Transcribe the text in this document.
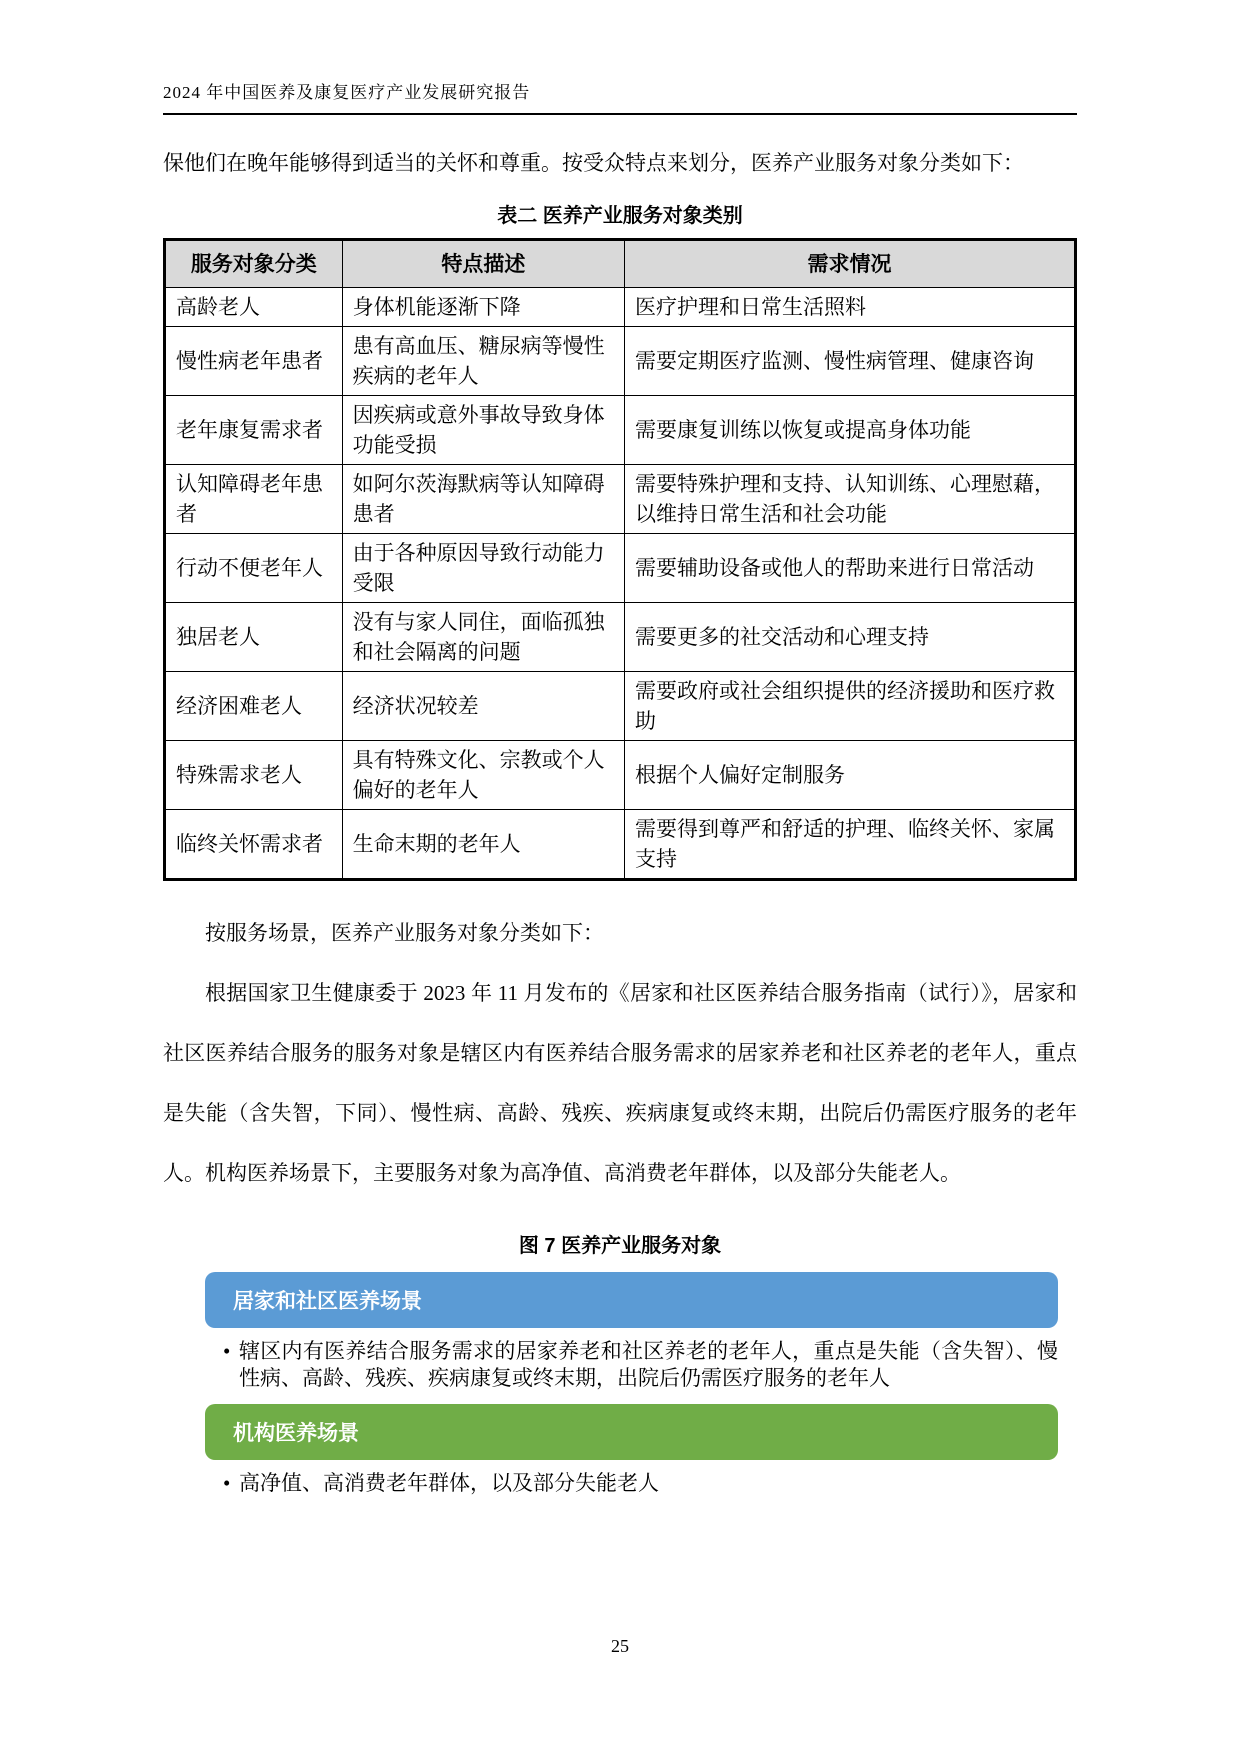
2024 年中国医养及康复医疗产业发展研究报告

保他们在晚年能够得到适当的关怀和尊重。按受众特点来划分，医养产业服务对象分类如下：

表二 医养产业服务对象类别
服务对象分类	特点描述	需求情况
高龄老人	身体机能逐渐下降	医疗护理和日常生活照料
慢性病老年患者	患有高血压、糖尿病等慢性疾病的老年人	需要定期医疗监测、慢性病管理、健康咨询
老年康复需求者	因疾病或意外事故导致身体功能受损	需要康复训练以恢复或提高身体功能
认知障碍老年患者	如阿尔茨海默病等认知障碍患者	需要特殊护理和支持、认知训练、心理慰藉，以维持日常生活和社会功能
行动不便老年人	由于各种原因导致行动能力受限	需要辅助设备或他人的帮助来进行日常活动
独居老人	没有与家人同住，面临孤独和社会隔离的问题	需要更多的社交活动和心理支持
经济困难老人	经济状况较差	需要政府或社会组织提供的经济援助和医疗救助
特殊需求老人	具有特殊文化、宗教或个人偏好的老年人	根据个人偏好定制服务
临终关怀需求者	生命末期的老年人	需要得到尊严和舒适的护理、临终关怀、家属支持

按服务场景，医养产业服务对象分类如下：

根据国家卫生健康委于 2023 年 11 月发布的《居家和社区医养结合服务指南（试行）》，居家和社区医养结合服务的服务对象是辖区内有医养结合服务需求的居家养老和社区养老的老年人，重点是失能（含失智，下同）、慢性病、高龄、残疾、疾病康复或终末期，出院后仍需医疗服务的老年人。机构医养场景下，主要服务对象为高净值、高消费老年群体，以及部分失能老人。

图 7 医养产业服务对象
居家和社区医养场景
• 辖区内有医养结合服务需求的居家养老和社区养老的老年人，重点是失能（含失智）、慢性病、高龄、残疾、疾病康复或终末期，出院后仍需医疗服务的老年人
机构医养场景
• 高净值、高消费老年群体，以及部分失能老人
25
